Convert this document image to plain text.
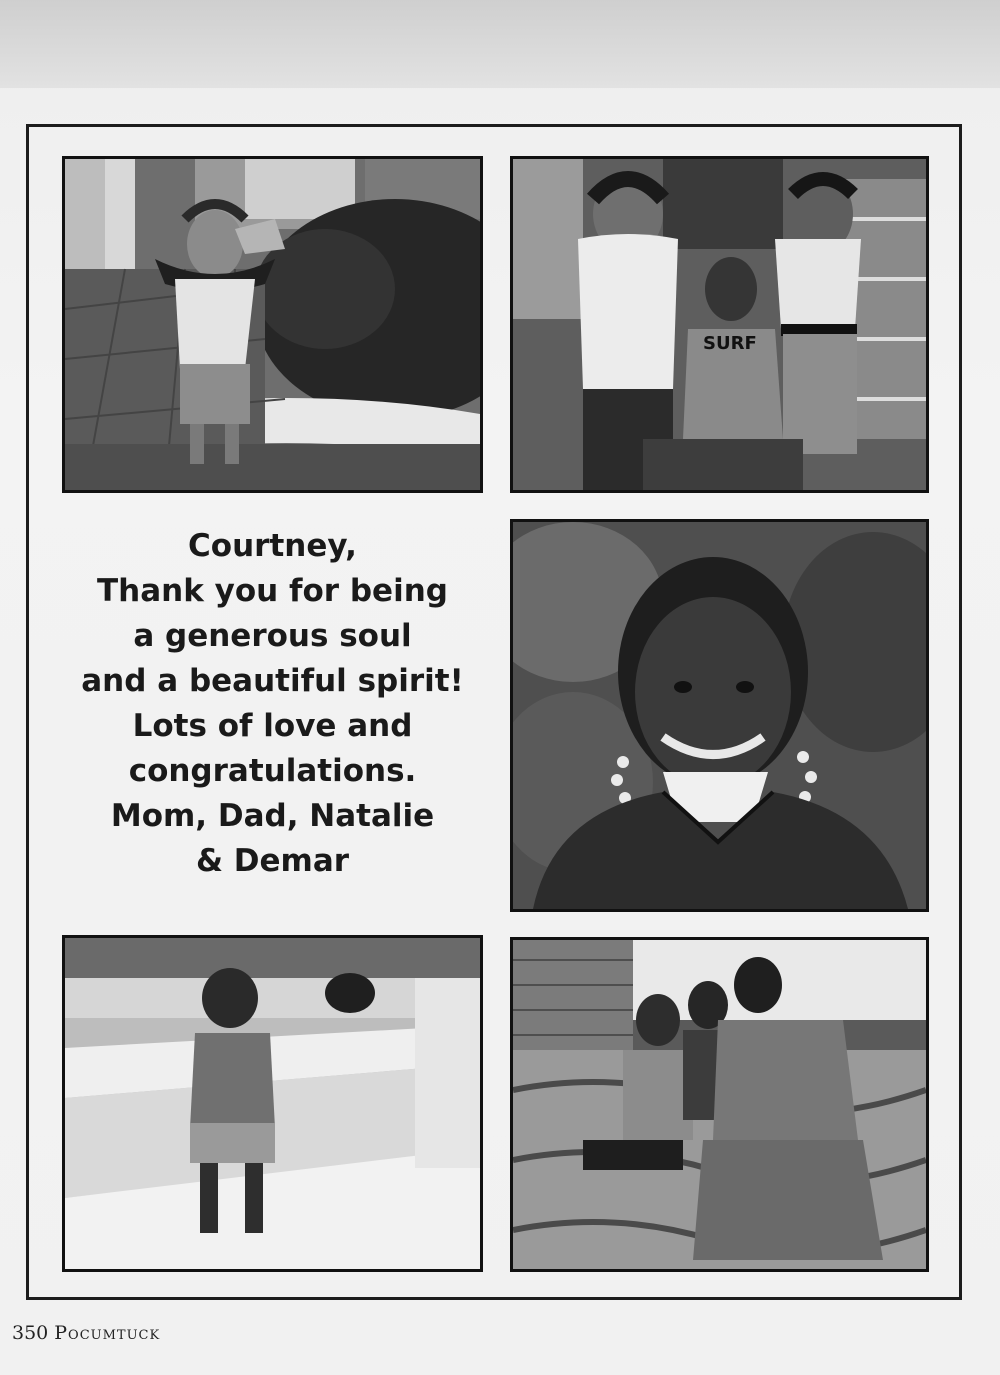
SURF
Courtney,
Thank you for being
a generous soul
and a beautiful spirit!
Lots of love and
congratulations.
Mom, Dad, Natalie
& Demar
350 Pocumtuck
